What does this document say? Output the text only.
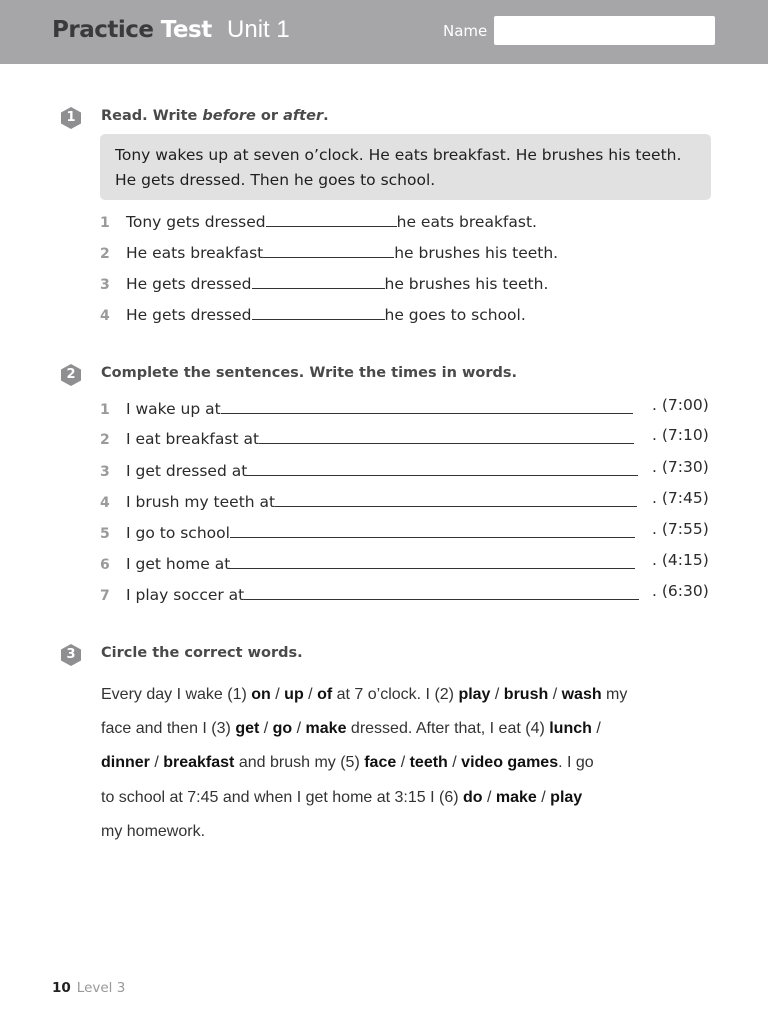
Practice Test Unit 1	Name
1	Read. Write before or after.
Tony wakes up at seven o’clock. He eats breakfast. He brushes his teeth.
He gets dressed. Then he goes to school.
1 Tony gets dressed	he eats breakfast.
2 He eats breakfast	he brushes his teeth.
3 He gets dressed	he brushes his teeth.
4 He gets dressed	he goes to school.
2	Complete the sentences. Write the times in words.
1 I wake up at	. (7:00)
2 I eat breakfast at	. (7:10)
3 I get dressed at	. (7:30)
4 I brush my teeth at	. (7:45)
5 I go to school	. (7:55)
6 I get home at	. (4:15)
7 I play soccer at	. (6:30)
3	Circle the correct words.
Every day I wake (1) on / up / of at 7 o’clock. I (2) play / brush / wash my
face and then I (3) get / go / make dressed. After that, I eat (4) lunch /
dinner / breakfast and brush my (5) face / teeth / video games. I go
to school at 7:45 and when I get home at 3:15 I (6) do / make / play
my homework.
10 Level 3
